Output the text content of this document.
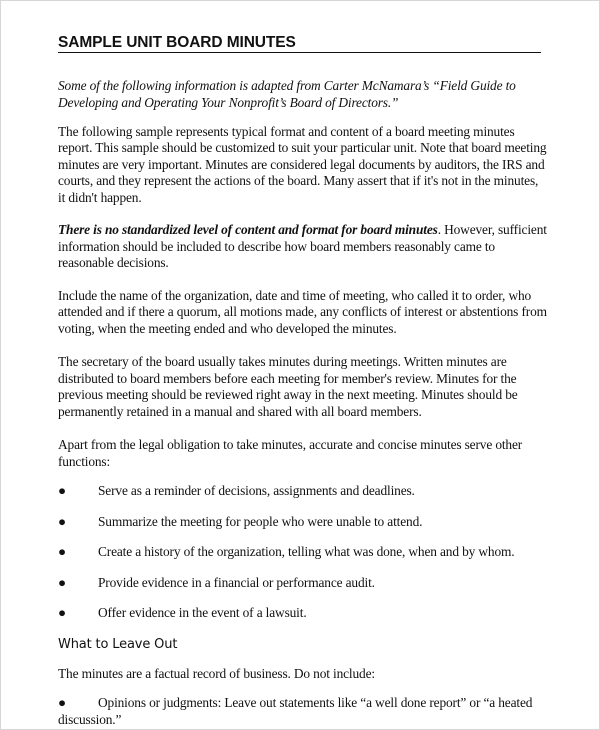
SAMPLE UNIT BOARD MINUTES

Some of the following information is adapted from Carter McNamara’s “Field Guide to Developing and Operating Your Nonprofit’s Board of Directors.”

The following sample represents typical format and content of a board meeting minutes report. This sample should be customized to suit your particular unit. Note that board meeting minutes are very important. Minutes are considered legal documents by auditors, the IRS and courts, and they represent the actions of the board. Many assert that if it's not in the minutes, it didn't happen.

There is no standardized level of content and format for board minutes. However, sufficient information should be included to describe how board members reasonably came to reasonable decisions.

Include the name of the organization, date and time of meeting, who called it to order, who attended and if there a quorum, all motions made, any conflicts of interest or abstentions from voting, when the meeting ended and who developed the minutes.

The secretary of the board usually takes minutes during meetings. Written minutes are distributed to board members before each meeting for member's review. Minutes for the previous meeting should be reviewed right away in the next meeting. Minutes should be permanently retained in a manual and shared with all board members.

Apart from the legal obligation to take minutes, accurate and concise minutes serve other functions:

●	Serve as a reminder of decisions, assignments and deadlines.
●	Summarize the meeting for people who were unable to attend.
●	Create a history of the organization, telling what was done, when and by whom.
●	Provide evidence in a financial or performance audit.
●	Offer evidence in the event of a lawsuit.
What to Leave Out

The minutes are a factual record of business. Do not include:

● Opinions or judgments: Leave out statements like “a well done report” or “a heated discussion.”
